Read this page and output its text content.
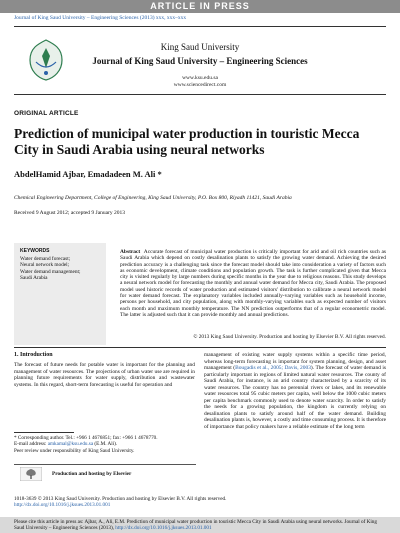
ARTICLE IN PRESS
Journal of King Saud University – Engineering Sciences (2013) xxx, xxx–xxx
King Saud University
Journal of King Saud University – Engineering Sciences
www.ksu.edu.sa
www.sciencedirect.com
ORIGINAL ARTICLE
Prediction of municipal water production in touristic Mecca City in Saudi Arabia using neural networks
AbdelHamid Ajbar, Emadadeen M. Ali *
Chemical Engineering Department, College of Engineering, King Saud University, P.O. Box 800, Riyadh 11421, Saudi Arabia
Received 9 August 2012; accepted 9 January 2013
KEYWORDS
Water demand forecast;
Neural network model;
Water demand management;
Saudi Arabia
Abstract Accurate forecast of municipal water production is critically important for arid and oil rich countries such as Saudi Arabia which depend on costly desalination plants to satisfy the growing water demand. Achieving the desired prediction accuracy is a challenging task since the forecast model should take into consideration a variety of factors such as economic development, climate conditions and population growth. The task is further complicated given that Mecca city is visited regularly by large numbers during specific months in the year due to religious reasons. This study develops a neural network model for forecasting the monthly and annual water demand for Mecca city, Saudi Arabia. The proposed model used historic records of water production and estimated visitors' distribution to calibrate a neural network model for water demand forecast. The explanatory variables included annually-varying variables such as household income, persons per household, and city population, along with monthly-varying variables such as expected number of visitors each month and maximum monthly temperature. The NN prediction outperforms that of a regular econometric model. The latter is adjusted such that it can provide monthly and annual predictions.
© 2013 King Saud University. Production and hosting by Elsevier B.V. All rights reserved.
1. Introduction
The forecast of future needs for potable water is important for the planning and management of water resources. The projections of urban water use are required in planning future requirements for water supply, distribution and wastewater systems. In this regard, short-term forecasting is useful for operation and
management of existing water supply systems within a specific time period, whereas long-term forecasting is important for system planning, design, and asset management (Bougadis et al., 2005; Davis, 2003). The forecast of water demand is particularly important in regions of limited natural water resources. The county of Saudi Arabia, for instance, is an arid country characterized by a scarcity of its water resources. The country has no perennial rivers or lakes, and its renewable water resources total 95 cubic meters per capita, well below the 1000 cubic meters per capita benchmark commonly used to denote water scarcity. In order to satisfy the needs for a growing population, the kingdom is currently relying on desalination plants to satisfy around half of the water demand. Building desalination plants is, however, a costly and time consuming process. It is therefore of importance that policy makers have a reliable estimate of the long term
* Corresponding author. Tel.: +966 1 4676851; fax: +966 1 4678770.
E-mail address: amkamal@ksu.edu.sa (E.M. Ali).
Peer review under responsibility of King Saud University.
Production and hosting by Elsevier
1018-3639 © 2013 King Saud University. Production and hosting by Elsevier B.V. All rights reserved.
http://dx.doi.org/10.1016/j.jksues.2013.01.001
Please cite this article in press as: Ajbar, A., Ali, E.M. Prediction of municipal water production in touristic Mecca City in Saudi Arabia using neural networks. Journal of King Saud University – Engineering Sciences (2013), http://dx.doi.org/10.1016/j.jksues.2013.01.001
